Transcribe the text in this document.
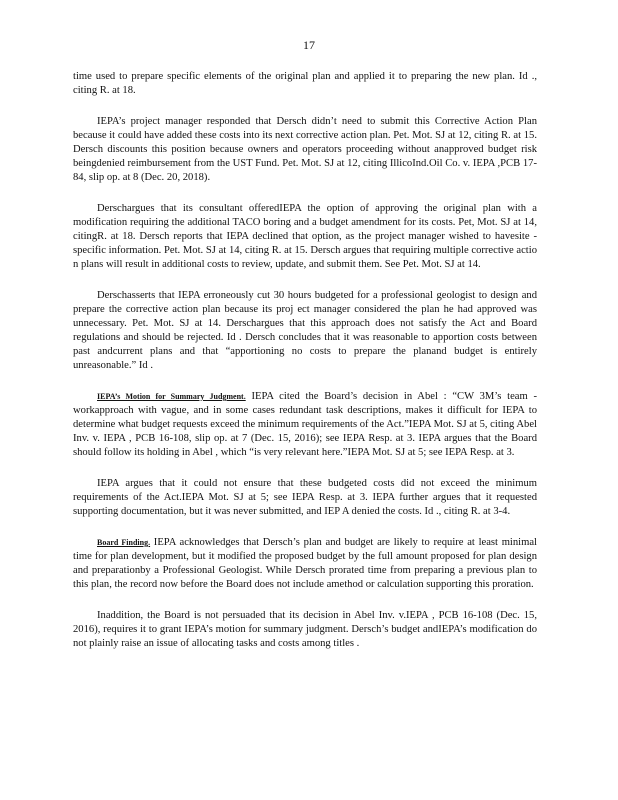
17

time used to prepare specific elements of the original plan and applied it to preparing the new plan. Id ., citing R. at 18.

IEPA’s project manager responded that Dersch didn’t need to submit this Corrective Action Plan because it could have added these costs into its next corrective action plan. Pet. Mot. SJ at 12, citing R. at 15. Dersch discounts this position because owners and operators proceeding without anapproved budget risk beingdenied reimbursement from the UST Fund. Pet. Mot. SJ at 12, citing IllicoInd.Oil Co. v. IEPA ,PCB 17-84, slip op. at 8 (Dec. 20, 2018).

Derschargues that its consultant offeredIEPA the option of approving the original plan with a modification requiring the additional TACO boring and a budget amendment for its costs. Pet, Mot. SJ at 14, citingR. at 18. Dersch reports that IEPA declined that option, as the project manager wished to havesite -specific information. Pet. Mot. SJ at 14, citing R. at 15. Dersch argues that requiring multiple corrective actio n plans will result in additional costs to review, update, and submit them. See Pet. Mot. SJ at 14.

Derschasserts that IEPA erroneously cut 30 hours budgeted for a professional geologist to design and prepare the corrective action plan because its proj ect manager considered the plan he had approved was unnecessary. Pet. Mot. SJ at 14. Derschargues that this approach does not satisfy the Act and Board regulations and should be rejected. Id . Dersch concludes that it was reasonable to apportion costs between past andcurrent plans and that “apportioning no costs to prepare the planand budget is entirely unreasonable.” Id .

IEPA’s Motion for Summary Judgment. IEPA cited the Board’s decision in Abel : “CW 3M’s team -workapproach with vague, and in some cases redundant task descriptions, makes it difficult for IEPA to determine what budget requests exceed the minimum requirements of the Act.”IEPA Mot. SJ at 5, citing Abel Inv. v. IEPA , PCB 16-108, slip op. at 7 (Dec. 15, 2016); see IEPA Resp. at 3. IEPA argues that the Board should follow its holding in Abel , which “is very relevant here.”IEPA Mot. SJ at 5; see IEPA Resp. at 3.

IEPA argues that it could not ensure that these budgeted costs did not exceed the minimum requirements of the Act.IEPA Mot. SJ at 5; see IEPA Resp. at 3. IEPA further argues that it requested supporting documentation, but it was never submitted, and IEP A denied the costs. Id ., citing R. at 3-4.

Board Finding. IEPA acknowledges that Dersch’s plan and budget are likely to require at least minimal time for plan development, but it modified the proposed budget by the full amount proposed for plan design and preparationby a Professional Geologist. While Dersch prorated time from preparing a previous plan to this plan, the record now before the Board does not include amethod or calculation supporting this proration.

Inaddition, the Board is not persuaded that its decision in Abel Inv. v.IEPA , PCB 16-108 (Dec. 15, 2016), requires it to grant IEPA’s motion for summary judgment. Dersch’s budget andIEPA’s modification do not plainly raise an issue of allocating tasks and costs among titles .
